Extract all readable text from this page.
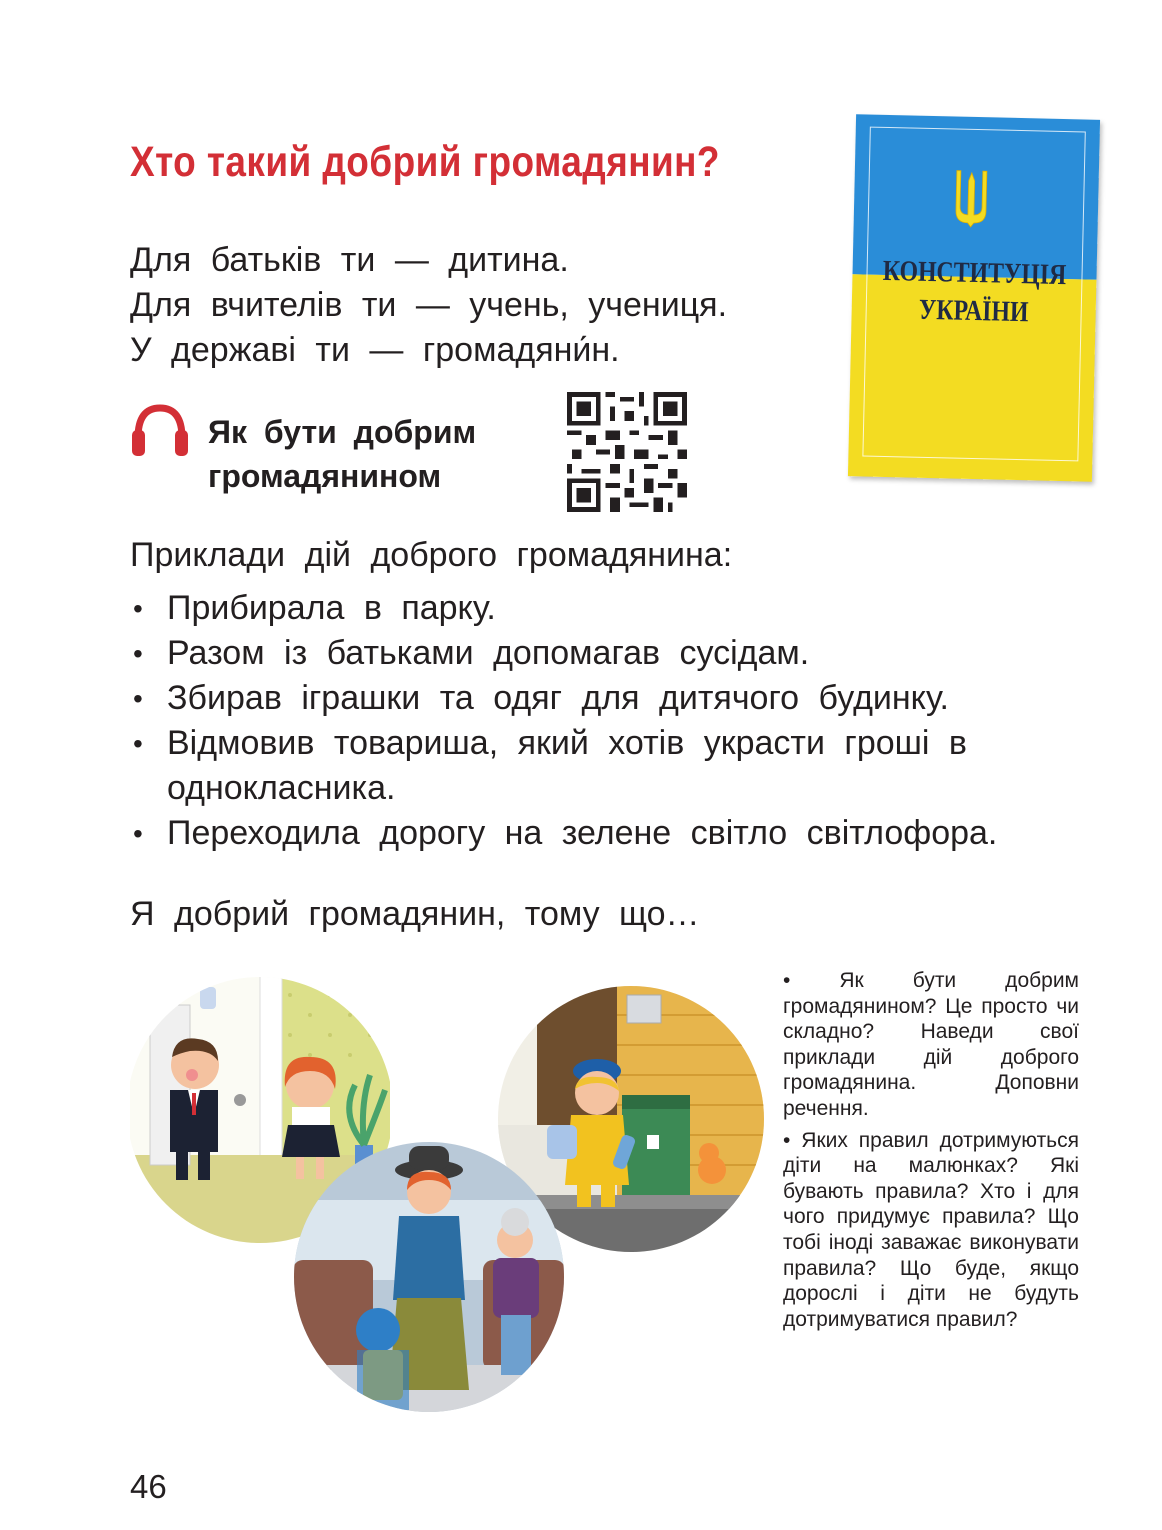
Хто такий добрий громадянин?
Для батьків ти — дитина.
Для вчителів ти — учень, учениця.
У державі ти — громадяни́н.
КОНСТИТУЦІЯ
УКРАЇНИ
Як бути добрим
громадянином
Приклади дій доброго громадянина:
• Прибирала в парку.
• Разом із батьками допомагав сусідам.
• Збирав іграшки та одяг для дитячого будинку.
• Відмовив товариша, який хотів украсти гроші в однокласника.
• Переходила дорогу на зелене світло світлофора.
Я добрий громадянин, тому що…

• Як бути добрим громадянином? Це просто чи складно? Наведи свої приклади дій доброго громадянина. Доповни речення.

• Яких правил дотримуються діти на малюнках? Які бувають правила? Хто і для чого придумує правила? Що тобі іноді заважає виконувати правила? Що буде, якщо дорослі і діти не будуть дотримуватися правил?

46
